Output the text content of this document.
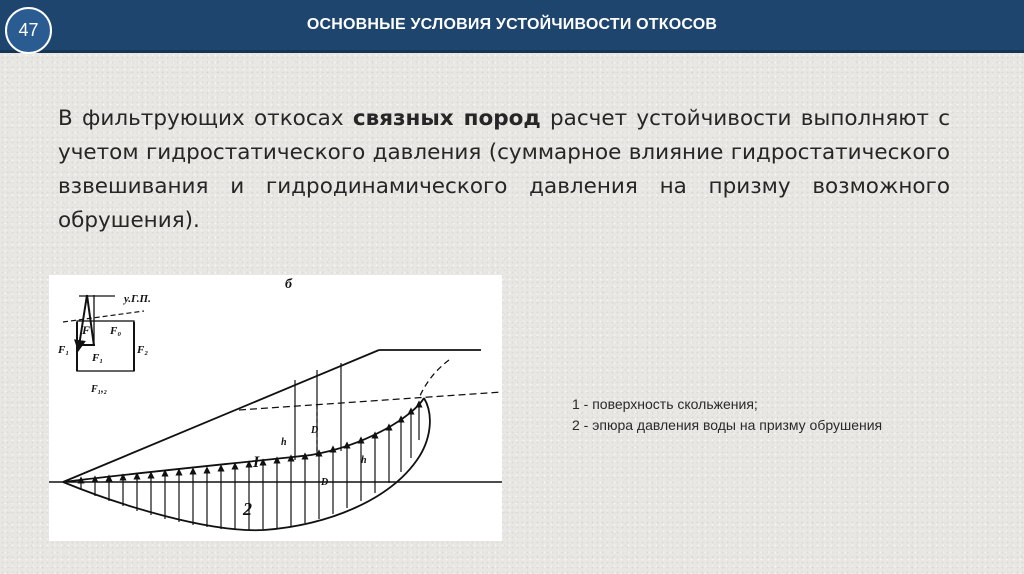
ОСНОВНЫЕ УСЛОВИЯ УСТОЙЧИВОСТИ ОТКОСОВ
47
В фильтрующих откосах связных пород расчет устойчивости выполняют с учетом гидростатического давления (суммарное влияние гидростатического взвешивания и гидродинамического давления на призму возможного обрушения).
б
у.Г.П.
F F₀
F₁
F₁
F₂
F₁,₂
I
2
h
h
D
D
1 - поверхность скольжения;
2 - эпюра давления воды на призму обрушения
